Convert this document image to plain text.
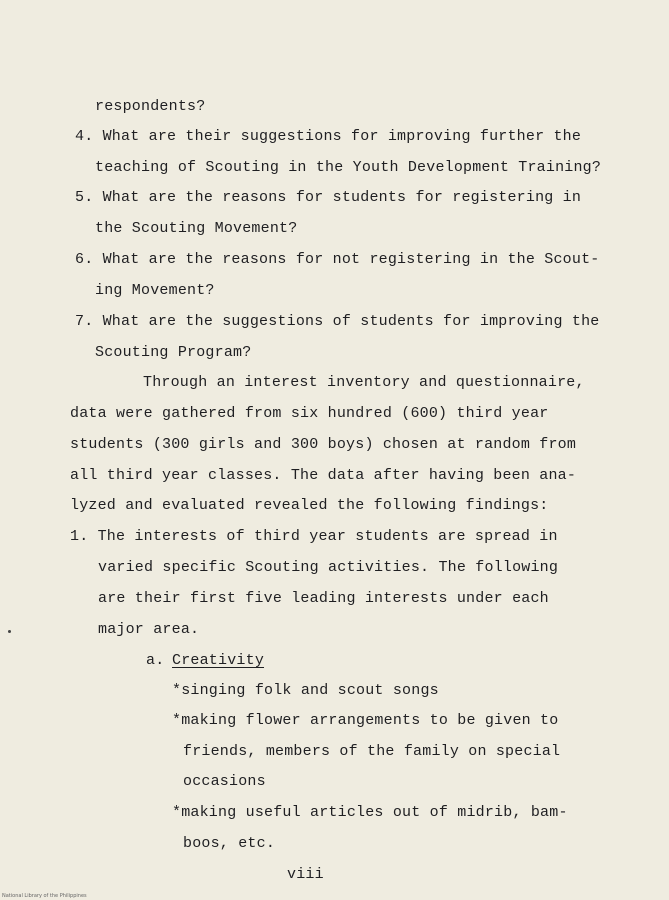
respondents?
4. What are their suggestions for improving further the
teaching of Scouting in the Youth Development Training?
5. What are the reasons for students for registering in
the Scouting Movement?
6. What are the reasons for not registering in the Scout-
ing Movement?
7. What are the suggestions of students for improving the
Scouting Program?
Through an interest inventory and questionnaire,
data were gathered from six hundred (600) third year
students (300 girls and 300 boys) chosen at random from
all third year classes. The data after having been ana-
lyzed and evaluated revealed the following findings:
1. The interests of third year students are spread in
varied specific Scouting activities. The following
are their first five leading interests under each
major area.
a. Creativity
*singing folk and scout songs
*making flower arrangements to be given to
friends, members of the family on special
occasions
*making useful articles out of midrib, bam-
boos, etc.
viii
National Library of the Philippines
